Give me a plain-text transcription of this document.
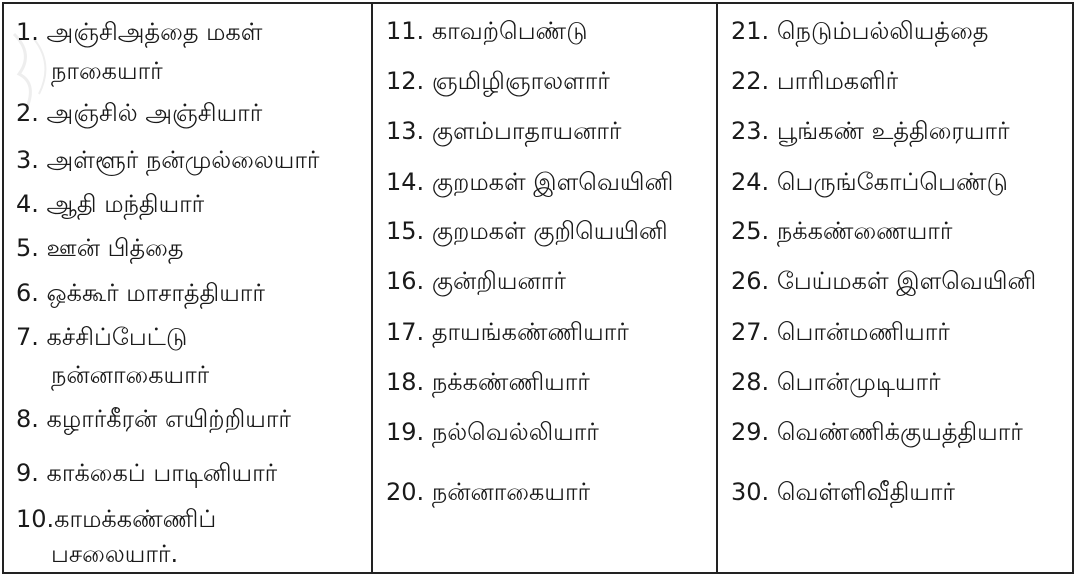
1. அஞ்சிஅத்தை மகள்
நாகையார்
2. அஞ்சில் அஞ்சியார்
3. அள்ளூர் நன்முல்லையார்
4. ஆதி மந்தியார்
5. ஊன் பித்தை
6. ஒக்கூர் மாசாத்தியார்
7. கச்சிப்பேட்டு
நன்னாகையார்
8. கழார்கீரன் எயிற்றியார்
9. காக்கைப் பாடினியார்
10.காமக்கண்ணிப்
பசலையார்.
11. காவற்பெண்டு
12. ஞமிழிஞாலளார்
13. குளம்பாதாயனார்
14. குறமகள் இளவெயினி
15. குறமகள் குறியெயினி
16. குன்றியனார்
17. தாயங்கண்ணியார்
18. நக்கண்ணியார்
19. நல்வெல்லியார்
20. நன்னாகையார்
21. நெடும்பல்லியத்தை
22. பாரிமகளிர்
23. பூங்கண் உத்திரையார்
24. பெருங்கோப்பெண்டு
25. நக்கண்ணையார்
26. பேய்மகள் இளவெயினி
27. பொன்மணியார்
28. பொன்முடியார்
29. வெண்ணிக்குயத்தியார்
30. வெள்ளிவீதியார்
